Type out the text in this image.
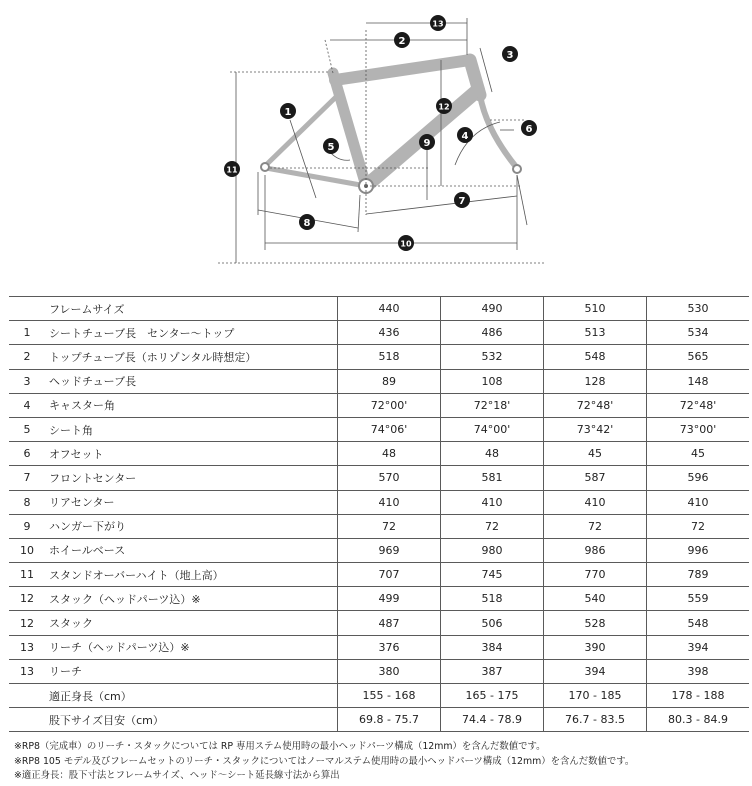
1
2
3
4
5
6
7
8
9
10
11
12
13
	フレームサイズ	440	490	510	530
1	シートチューブ長　センター〜トップ	436	486	513	534
2	トップチューブ長（ホリゾンタル時想定）	518	532	548	565
3	ヘッドチューブ長	89	108	128	148
4	キャスター角	72°00'	72°18'	72°48'	72°48'
5	シート角	74°06'	74°00'	73°42'	73°00'
6	オフセット	48	48	45	45
7	フロントセンター	570	581	587	596
8	リアセンター	410	410	410	410
9	ハンガー下がり	72	72	72	72
10	ホイールベース	969	980	986	996
11	スタンドオーバーハイト（地上高）	707	745	770	789
12	スタック（ヘッドパーツ込）※	499	518	540	559
12	スタック	487	506	528	548
13	リーチ（ヘッドパーツ込）※	376	384	390	394
13	リーチ	380	387	394	398
	適正身長（cm）	155 - 168	165 - 175	170 - 185	178 - 188
	股下サイズ目安（cm）	69.8 - 75.7	74.4 - 78.9	76.7 - 83.5	80.3 - 84.9
※RP8（完成車）のリーチ・スタックについては RP 専用ステム使用時の最小ヘッドパーツ構成（12mm）を含んだ数値です。
※RP8 105 モデル及びフレームセットのリーチ・スタックについてはノーマルステム使用時の最小ヘッドパーツ構成（12mm）を含んだ数値です。
※適正身長：股下寸法とフレームサイズ、ヘッド〜シート延長線寸法から算出
